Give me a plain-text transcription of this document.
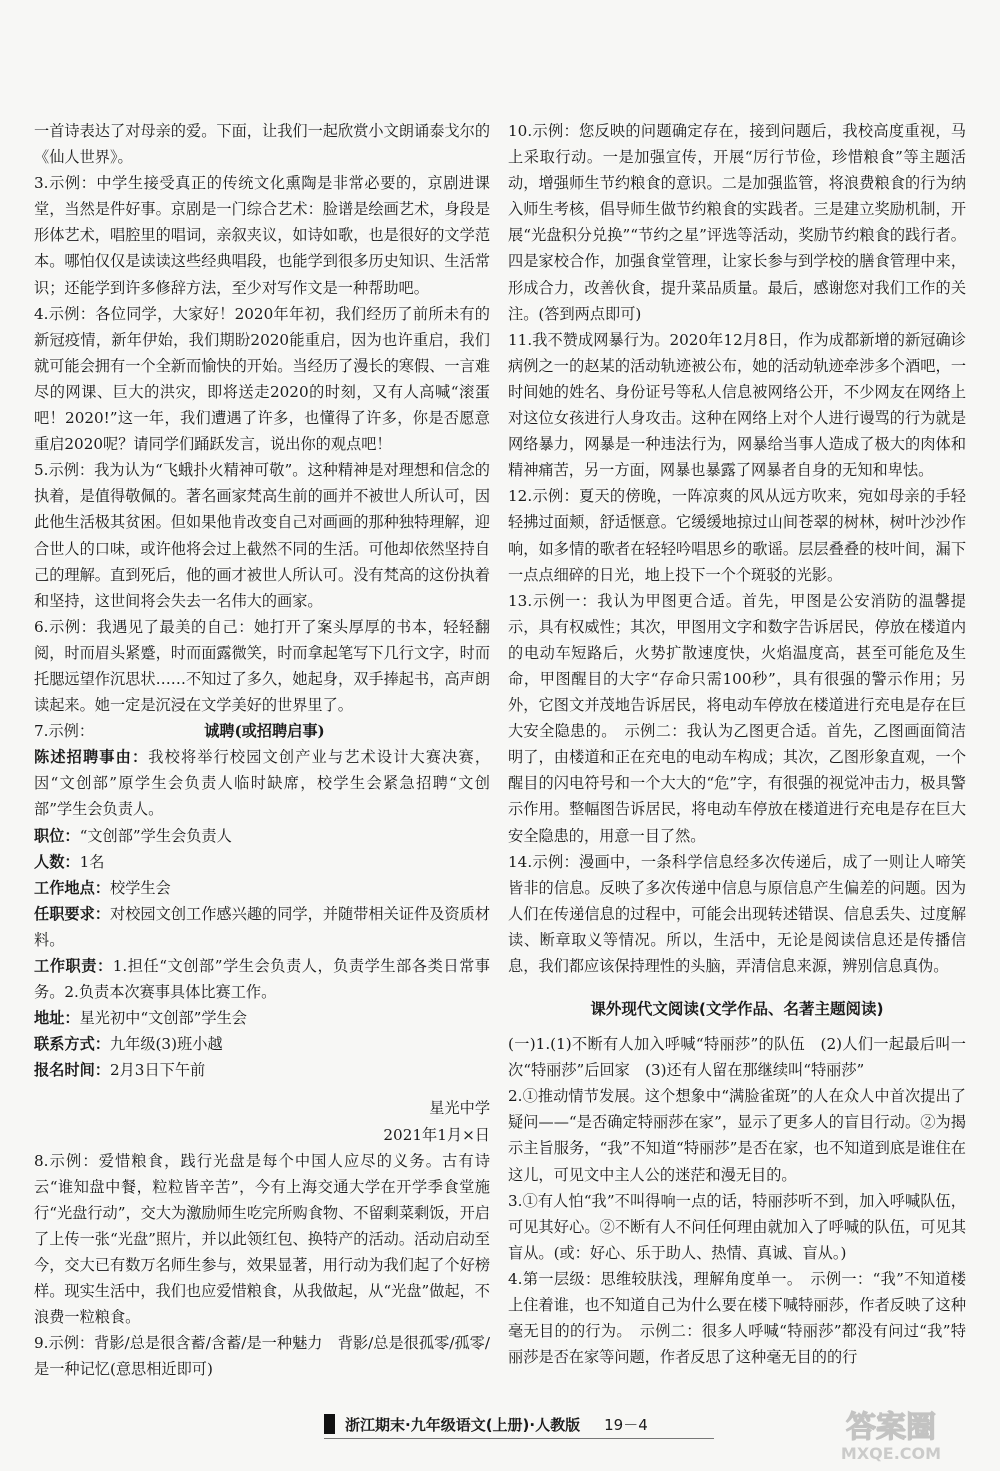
一首诗表达了对母亲的爱。下面，让我们一起欣赏小文朗诵泰戈尔的《仙人世界》。

3.示例：中学生接受真正的传统文化熏陶是非常必要的，京剧进课堂，当然是件好事。京剧是一门综合艺术：脸谱是绘画艺术，身段是形体艺术，唱腔里的唱词，亲叙夹议，如诗如歌，也是很好的文学范本。哪怕仅仅是读读这些经典唱段，也能学到很多历史知识、生活常识；还能学到许多修辞方法，至少对写作文是一种帮助吧。

4.示例：各位同学，大家好！2020年年初，我们经历了前所未有的新冠疫情，新年伊始，我们期盼2020能重启，因为也许重启，我们就可能会拥有一个全新而愉快的开始。当经历了漫长的寒假、一言难尽的网课、巨大的洪灾，即将送走2020的时刻，又有人高喊“滚蛋吧！2020!”这一年，我们遭遇了许多，也懂得了许多，你是否愿意重启2020呢？请同学们踊跃发言，说出你的观点吧！

5.示例：我为认为“飞蛾扑火精神可敬”。这种精神是对理想和信念的执着，是值得敬佩的。著名画家梵高生前的画并不被世人所认可，因此他生活极其贫困。但如果他肯改变自己对画画的那种独特理解，迎合世人的口味，或许他将会过上截然不同的生活。可他却依然坚持自己的理解。直到死后，他的画才被世人所认可。没有梵高的这份执着和坚持，这世间将会失去一名伟大的画家。

6.示例：我遇见了最美的自己：她打开了案头厚厚的书本，轻轻翻阅，时而眉头紧蹙，时而面露微笑，时而拿起笔写下几行文字，时而托腮远望作沉思状……不知过了多久，她起身，双手捧起书，高声朗读起来。她一定是沉浸在文学美好的世界里了。

7.示例：	诚聘(或招聘启事)

陈述招聘事由：我校将举行校园文创产业与艺术设计大赛决赛，因“文创部”原学生会负责人临时缺席，校学生会紧急招聘“文创部”学生会负责人。

职位：“文创部”学生会负责人

人数：1名

工作地点：校学生会

任职要求：对校园文创工作感兴趣的同学，并随带相关证件及资质材料。

工作职责：1.担任“文创部”学生会负责人，负责学生部各类日常事务。2.负责本次赛事具体比赛工作。

地址：星光初中“文创部”学生会

联系方式：九年级(3)班小越

报名时间：2月3日下午前

星光中学

2021年1月×日

8.示例：爱惜粮食，践行光盘是每个中国人应尽的义务。古有诗云“谁知盘中餐，粒粒皆辛苦”，今有上海交通大学在开学季食堂施行“光盘行动”，交大为激励师生吃完所购食物、不留剩菜剩饭，开启了上传一张“光盘”照片，并以此领红包、换特产的活动。活动启动至今，交大已有数万名师生参与，效果显著，用行动为我们起了个好榜样。现实生活中，我们也应爱惜粮食，从我做起，从“光盘”做起，不浪费一粒粮食。

9.示例：背影/总是很含蓄/含蓄/是一种魅力　背影/总是很孤零/孤零/是一种记忆(意思相近即可)

10.示例：您反映的问题确定存在，接到问题后，我校高度重视，马上采取行动。一是加强宣传，开展“厉行节俭，珍惜粮食”等主题活动，增强师生节约粮食的意识。二是加强监管，将浪费粮食的行为纳入师生考核，倡导师生做节约粮食的实践者。三是建立奖励机制，开展“光盘积分兑换”“节约之星”评选等活动，奖励节约粮食的践行者。四是家校合作，加强食堂管理，让家长参与到学校的膳食管理中来，形成合力，改善伙食，提升菜品质量。最后，感谢您对我们工作的关注。(答到两点即可)

11.我不赞成网暴行为。2020年12月8日，作为成都新增的新冠确诊病例之一的赵某的活动轨迹被公布，她的活动轨迹牵涉多个酒吧，一时间她的姓名、身份证号等私人信息被网络公开，不少网友在网络上对这位女孩进行人身攻击。这种在网络上对个人进行谩骂的行为就是网络暴力，网暴是一种违法行为，网暴给当事人造成了极大的肉体和精神痛苦，另一方面，网暴也暴露了网暴者自身的无知和卑怯。

12.示例：夏天的傍晚，一阵凉爽的风从远方吹来，宛如母亲的手轻轻拂过面颊，舒适惬意。它缓缓地掠过山间苍翠的树林，树叶沙沙作响，如多情的歌者在轻轻吟唱思乡的歌谣。层层叠叠的枝叶间，漏下一点点细碎的日光，地上投下一个个斑驳的光影。

13.示例一：我认为甲图更合适。首先，甲图是公安消防的温馨提示，具有权威性；其次，甲图用文字和数字告诉居民，停放在楼道内的电动车短路后，火势扩散速度快，火焰温度高，甚至可能危及生命，甲图醒目的大字“存命只需100秒”，具有很强的警示作用；另外，它图文并茂地告诉居民，将电动车停放在楼道进行充电是存在巨大安全隐患的。　示例二：我认为乙图更合适。首先，乙图画面简洁明了，由楼道和正在充电的电动车构成；其次，乙图形象直观，一个醒目的闪电符号和一个大大的“危”字，有很强的视觉冲击力，极具警示作用。整幅图告诉居民，将电动车停放在楼道进行充电是存在巨大安全隐患的，用意一目了然。

14.示例：漫画中，一条科学信息经多次传递后，成了一则让人啼笑皆非的信息。反映了多次传递中信息与原信息产生偏差的问题。因为人们在传递信息的过程中，可能会出现转述错误、信息丢失、过度解读、断章取义等情况。所以，生活中，无论是阅读信息还是传播信息，我们都应该保持理性的头脑，弄清信息来源，辨别信息真伪。

课外现代文阅读(文学作品、名著主题阅读)

(一)1.(1)不断有人加入呼喊“特丽莎”的队伍　(2)人们一起最后叫一次“特丽莎”后回家　(3)还有人留在那继续叫“特丽莎”

2.①推动情节发展。这个想象中“满脸雀斑”的人在众人中首次提出了疑问——“是否确定特丽莎在家”，显示了更多人的盲目行动。②为揭示主旨服务，“我”不知道“特丽莎”是否在家，也不知道到底是谁住在这儿，可见文中主人公的迷茫和漫无目的。

3.①有人怕“我”不叫得响一点的话，特丽莎听不到，加入呼喊队伍，可见其好心。②不断有人不问任何理由就加入了呼喊的队伍，可见其盲从。(或：好心、乐于助人、热情、真诚、盲从。)

4.第一层级：思维较肤浅，理解角度单一。　示例一：“我”不知道楼上住着谁，也不知道自己为什么要在楼下喊特丽莎，作者反映了这种毫无目的的行为。　示例二：很多人呼喊“特丽莎”都没有问过“我”特丽莎是否在家等问题，作者反思了这种毫无目的的行

浙江期末·九年级语文(上册)·人教版 19－4	答案圈
MXQE.COM
